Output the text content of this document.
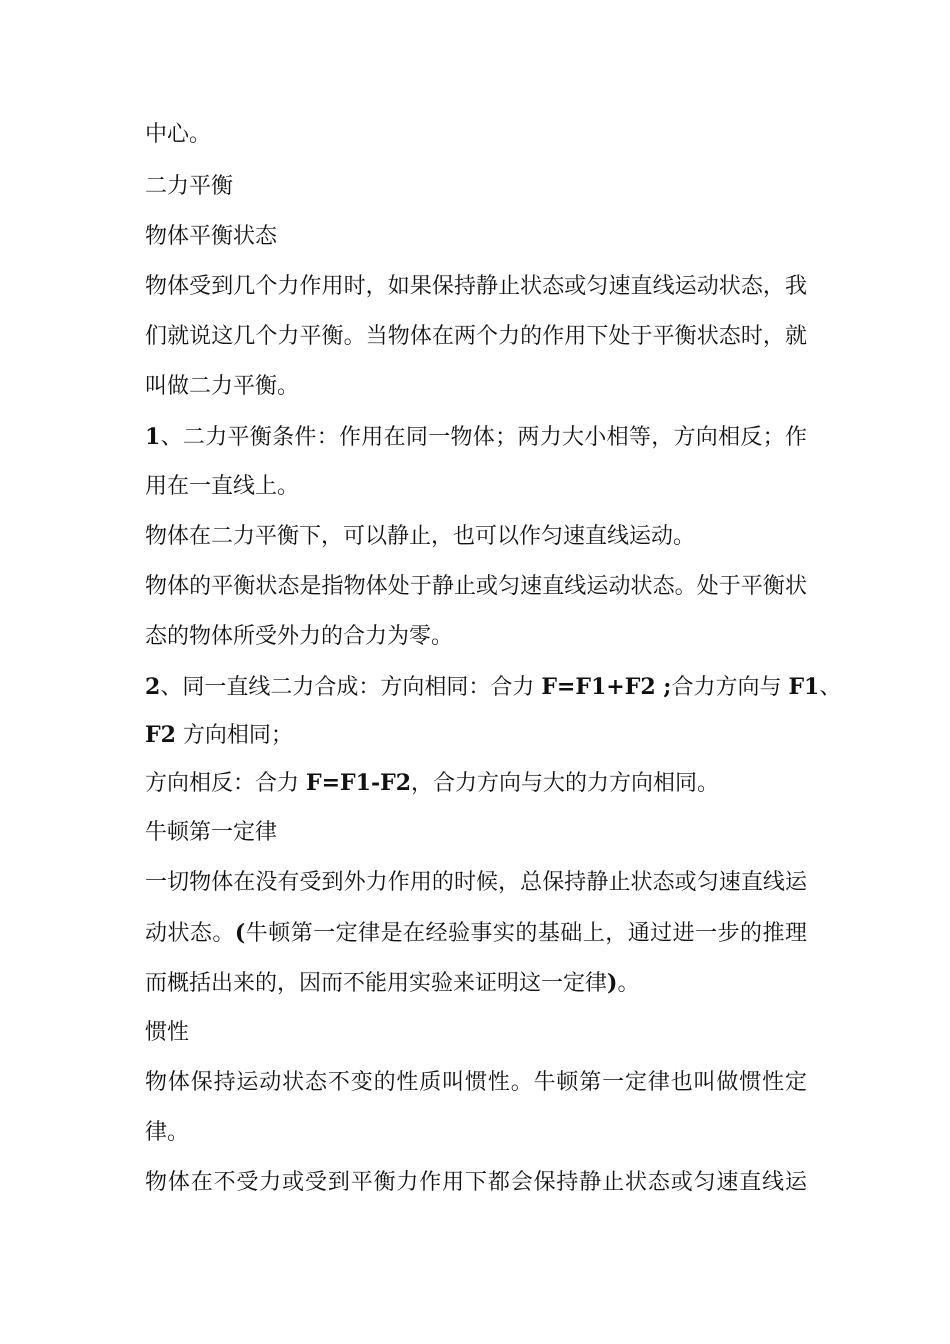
中心。
二力平衡
物体平衡状态
物体受到几个力作用时，如果保持静止状态或匀速直线运动状态，我
们就说这几个力平衡。当物体在两个力的作用下处于平衡状态时，就
叫做二力平衡。
1、二力平衡条件：作用在同一物体；两力大小相等，方向相反；作
用在一直线上。
物体在二力平衡下，可以静止，也可以作匀速直线运动。
物体的平衡状态是指物体处于静止或匀速直线运动状态。处于平衡状
态的物体所受外力的合力为零。
2、同一直线二力合成：方向相同：合力 F=F1+F2 ;合力方向与 F1、
F2 方向相同；
方向相反：合力 F=F1-F2，合力方向与大的力方向相同。
牛顿第一定律
一切物体在没有受到外力作用的时候，总保持静止状态或匀速直线运
动状态。(牛顿第一定律是在经验事实的基础上，通过进一步的推理
而概括出来的，因而不能用实验来证明这一定律)。
惯性
物体保持运动状态不变的性质叫惯性。牛顿第一定律也叫做惯性定
律。
物体在不受力或受到平衡力作用下都会保持静止状态或匀速直线运
